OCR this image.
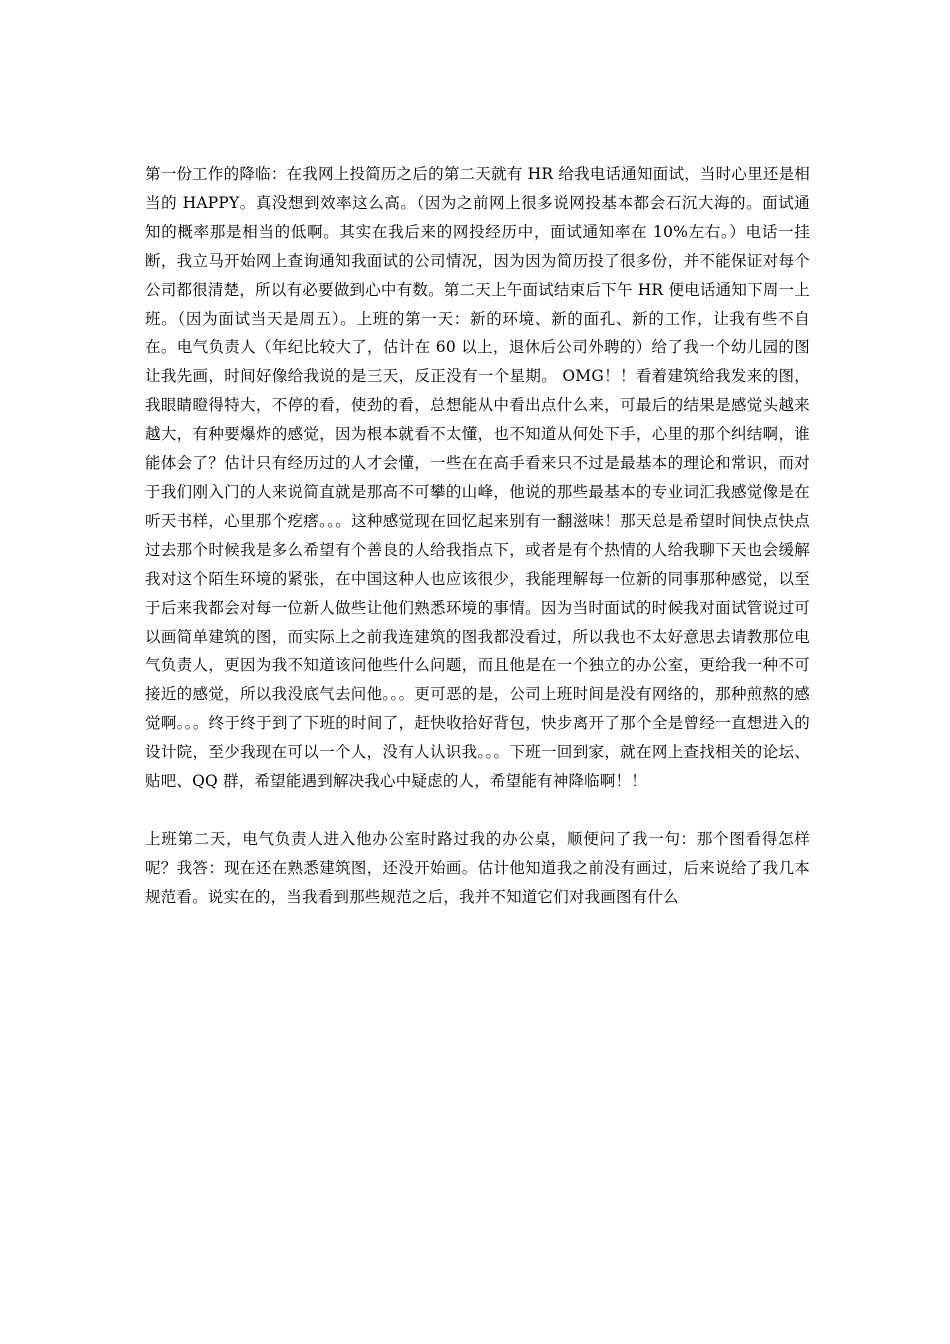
第一份工作的降临：在我网上投简历之后的第二天就有 HR 给我电话通知面试，当时心里还是相当的 HAPPY。真没想到效率这么高。（因为之前网上很多说网投基本都会石沉大海的。面试通知的概率那是相当的低啊。其实在我后来的网投经历中，面试通知率在 10%左右。）电话一挂断，我立马开始网上查询通知我面试的公司情况，因为因为简历投了很多份，并不能保证对每个公司都很清楚，所以有必要做到心中有数。第二天上午面试结束后下午 HR 便电话通知下周一上班。（因为面试当天是周五）。上班的第一天：新的环境、新的面孔、新的工作，让我有些不自在。电气负责人（年纪比较大了，估计在 60 以上，退休后公司外聘的）给了我一个幼儿园的图让我先画，时间好像给我说的是三天，反正没有一个星期。 OMG！！看着建筑给我发来的图，我眼睛瞪得特大，不停的看，使劲的看，总想能从中看出点什么来，可最后的结果是感觉头越来越大，有种要爆炸的感觉，因为根本就看不太懂，也不知道从何处下手，心里的那个纠结啊，谁能体会了？估计只有经历过的人才会懂，一些在在高手看来只不过是最基本的理论和常识，而对于我们刚入门的人来说简直就是那高不可攀的山峰，他说的那些最基本的专业词汇我感觉像是在听天书样，心里那个疙瘩。。。这种感觉现在回忆起来别有一翻滋味！那天总是希望时间快点快点过去那个时候我是多么希望有个善良的人给我指点下，或者是有个热情的人给我聊下天也会缓解我对这个陌生环境的紧张，在中国这种人也应该很少，我能理解每一位新的同事那种感觉，以至于后来我都会对每一位新人做些让他们熟悉环境的事情。因为当时面试的时候我对面试管说过可以画简单建筑的图，而实际上之前我连建筑的图我都没看过，所以我也不太好意思去请教那位电气负责人，更因为我不知道该问他些什么问题，而且他是在一个独立的办公室，更给我一种不可接近的感觉，所以我没底气去问他。。。更可恶的是，公司上班时间是没有网络的，那种煎熬的感觉啊。。。终于终于到了下班的时间了，赶快收拾好背包，快步离开了那个全是曾经一直想进入的设计院，至少我现在可以一个人，没有人认识我。。。下班一回到家，就在网上查找相关的论坛、贴吧、QQ 群，希望能遇到解决我心中疑虑的人，希望能有神降临啊！！

上班第二天，电气负责人进入他办公室时路过我的办公桌，顺便问了我一句：那个图看得怎样呢？我答：现在还在熟悉建筑图，还没开始画。估计他知道我之前没有画过，后来说给了我几本规范看。说实在的，当我看到那些规范之后，我并不知道它们对我画图有什么
